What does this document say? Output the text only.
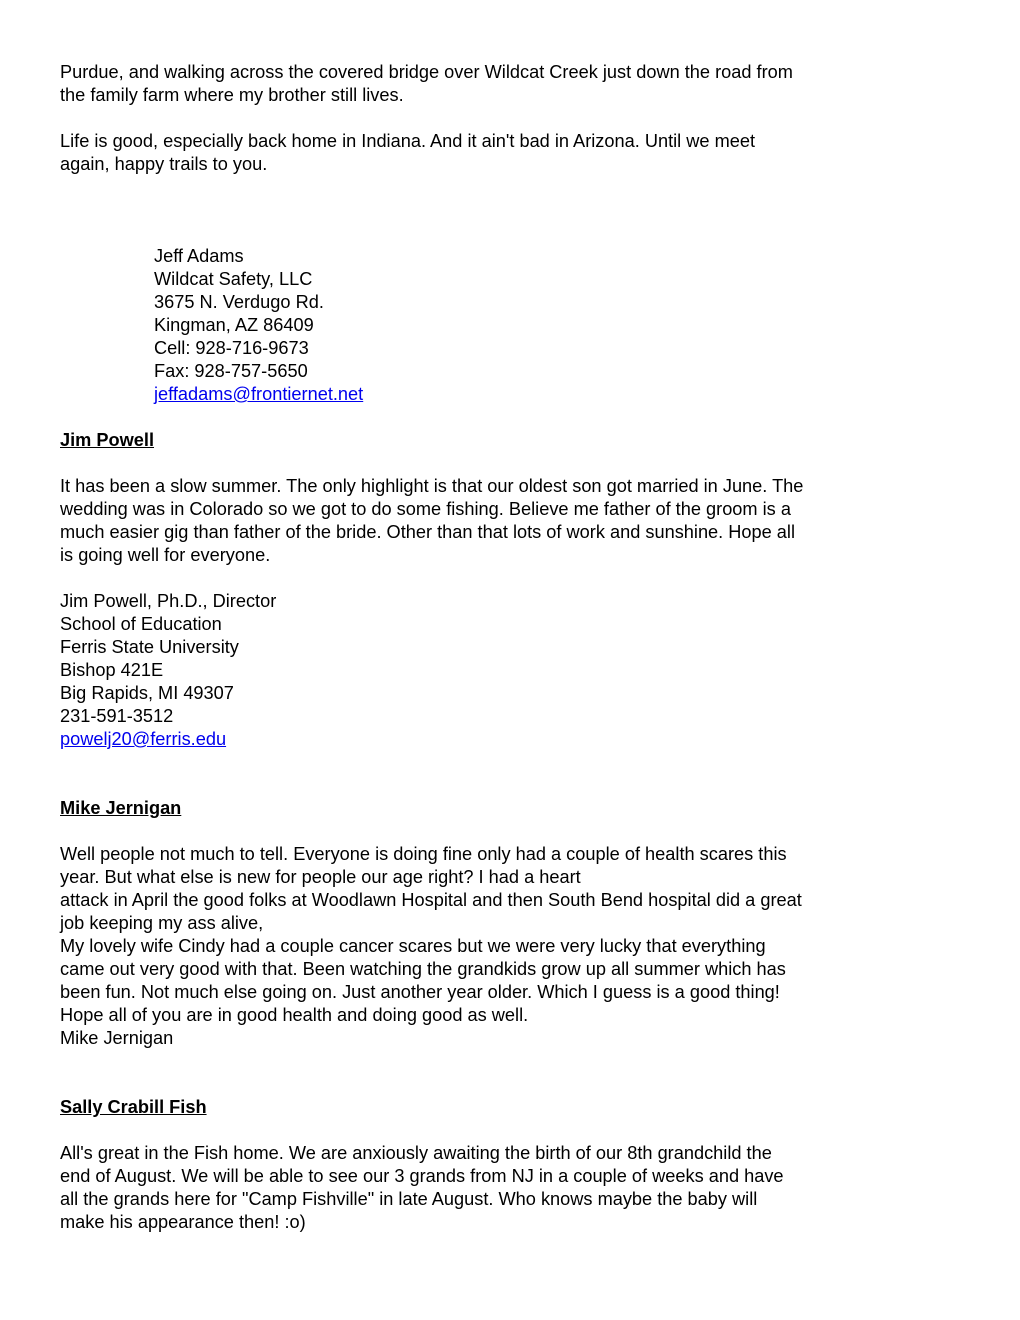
Purdue, and walking across the covered bridge over Wildcat Creek just down the road from
the family farm where my brother still lives.
Life is good, especially back home in Indiana. And it ain't bad in Arizona. Until we meet
again, happy trails to you.
Jeff Adams
Wildcat Safety, LLC
3675 N. Verdugo Rd.
Kingman, AZ 86409
Cell: 928-716-9673
Fax: 928-757-5650
jeffadams@frontiernet.net
Jim Powell
It has been a slow summer. The only highlight is that our oldest son got married in June. The
wedding was in Colorado so we got to do some fishing. Believe me father of the groom is a
much easier gig than father of the bride. Other than that lots of work and sunshine. Hope all
is going well for everyone.
Jim Powell, Ph.D., Director
School of Education
Ferris State University
Bishop 421E
Big Rapids, MI 49307
231-591-3512
powelj20@ferris.edu
Mike Jernigan
Well people not much to tell. Everyone is doing fine only had a couple of health scares this
year. But what else is new for people our age right? I had a heart
attack in April the good folks at Woodlawn Hospital and then South Bend hospital did a great
job keeping my ass alive,
My lovely wife Cindy had a couple cancer scares but we were very lucky that everything
came out very good with that. Been watching the grandkids grow up all summer which has
been fun. Not much else going on. Just another year older. Which I guess is a good thing!
Hope all of you are in good health and doing good as well.
Mike Jernigan
Sally Crabill Fish
All's great in the Fish home. We are anxiously awaiting the birth of our 8th grandchild the
end of August. We will be able to see our 3 grands from NJ in a couple of weeks and have
all the grands here for "Camp Fishville" in late August. Who knows maybe the baby will
make his appearance then! :o)
